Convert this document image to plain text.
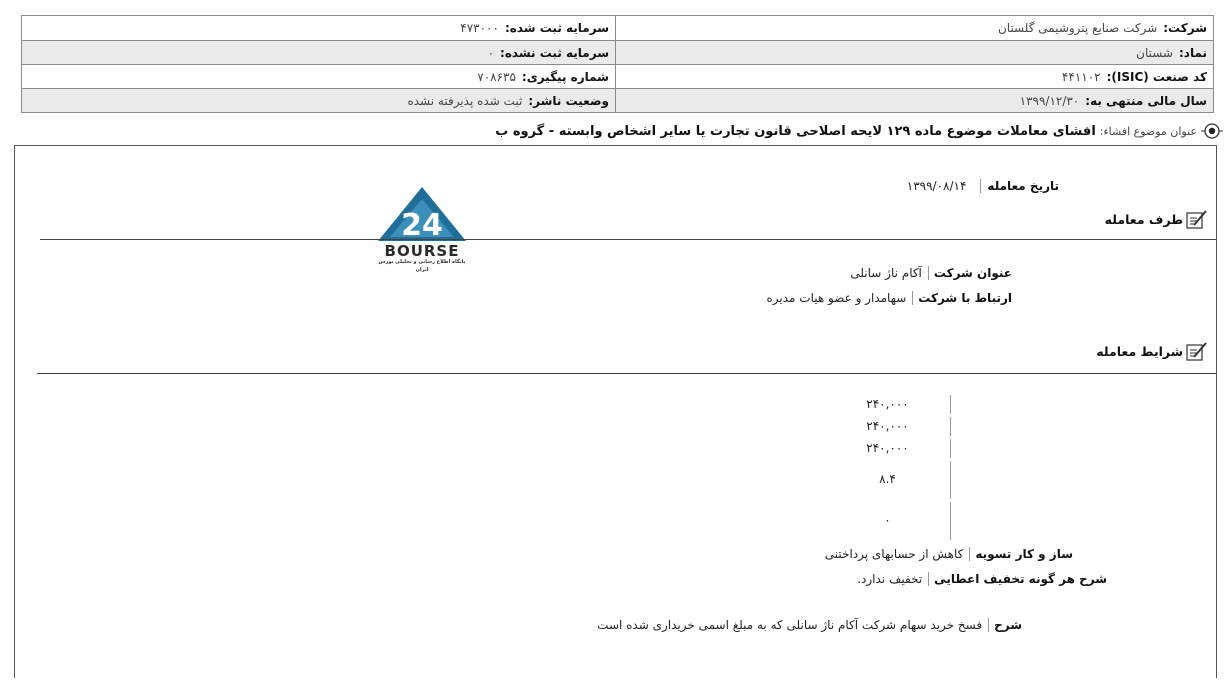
شرکت:
شرکت صنایع پتروشیمی گلستان
سرمایه ثبت شده:
۴۷۳۰۰۰
نماد:
شستان
سرمایه ثبت نشده:
۰
کد صنعت (ISIC):
۴۴۱۱۰۲
شماره پیگیری:
۷۰۸۶۳۵
سال مالی منتهی به:
۱۳۹۹/۱۲/۳۰
وضعیت ناشر:
ثبت شده پذیرفته نشده
عنوان موضوع افشاء:
افشای معاملات موضوع ماده ۱۲۹ لایحه اصلاحی قانون تجارت یا سایر اشخاص وابسته - گروه ب
24
BOURSE
پایگاه اطلاع رسانی و تحلیلی بورس ایران
تاریخ معامله
۱۳۹۹/۰۸/۱۴
طرف معامله
عنوان شرکت
آکام ناژ سانلی
ارتباط با شرکت
سهامدار و عضو هیات مدیره
شرایط معامله
۲۴۰,۰۰۰
۲۴۰,۰۰۰
۲۴۰,۰۰۰
۸.۴
۰
ساز و کار تسویه
کاهش از حسابهای پرداختنی
شرح هر گونه تخفیف اعطایی
تخفیف ندارد.
شرح
فسخ خرید سهام شرکت آکام ناژ سانلی که به مبلغ اسمی خریداری شده است
